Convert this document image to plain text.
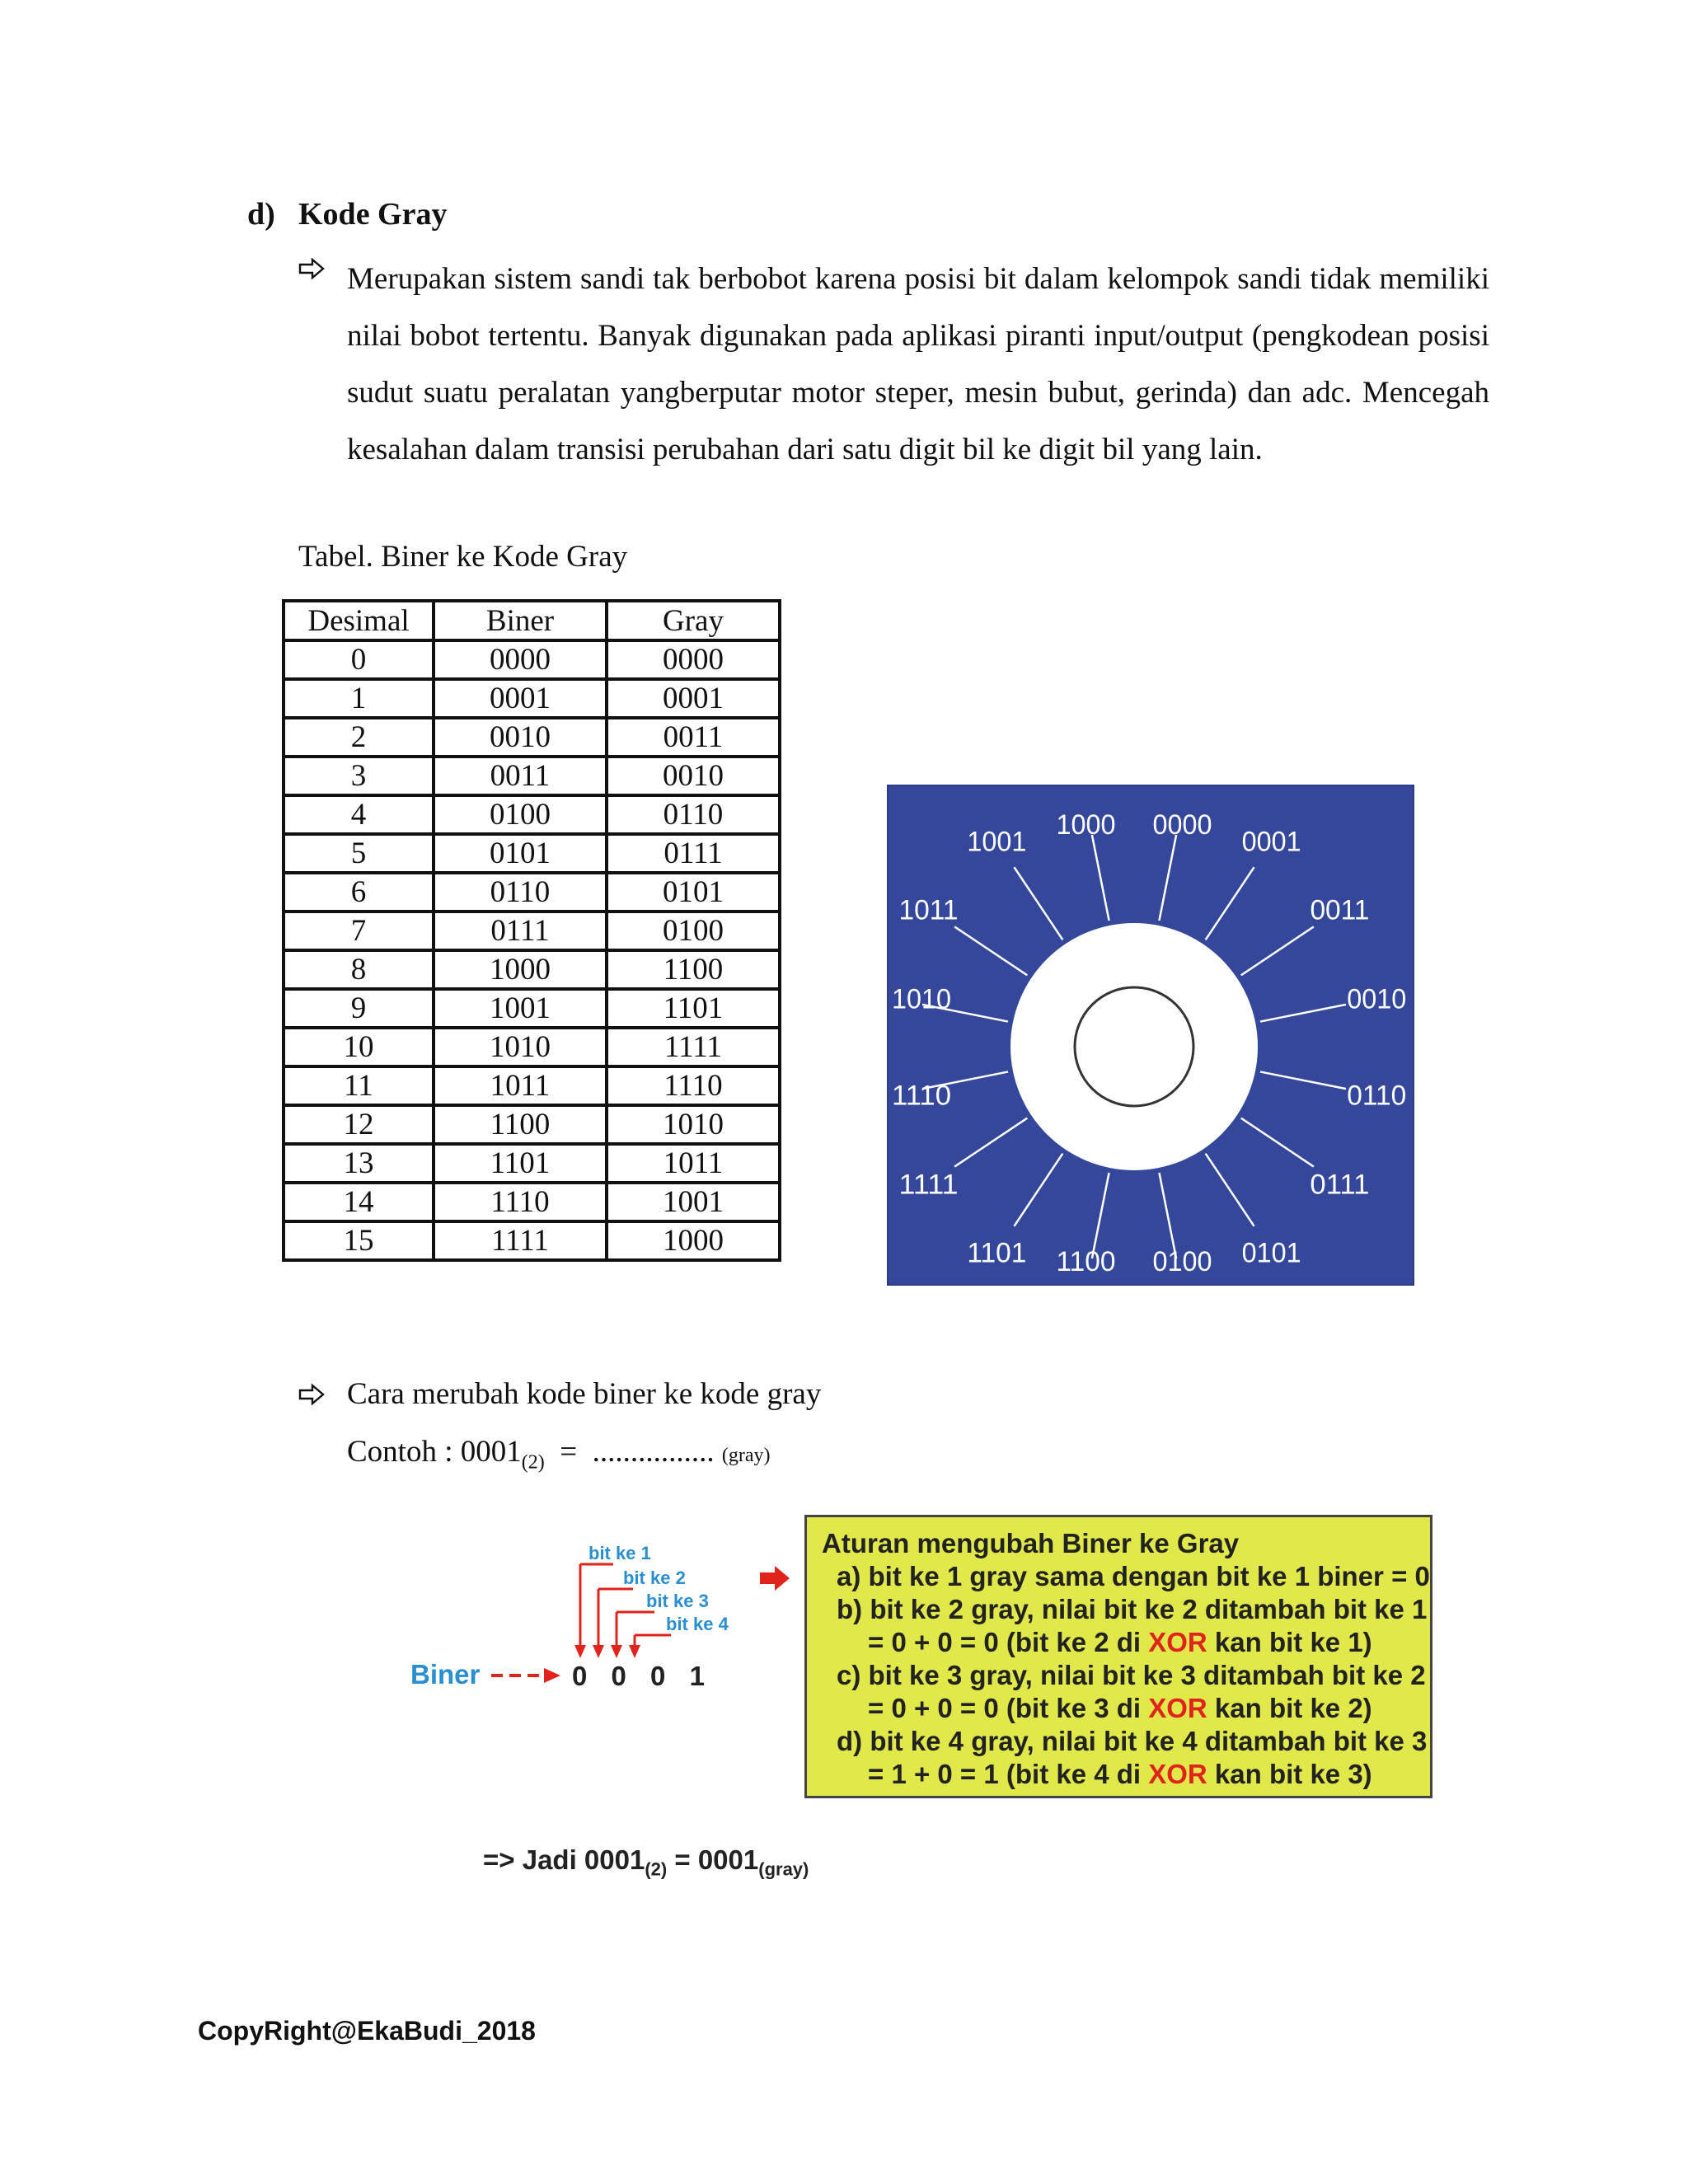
d) Kode Gray
Merupakan sistem sandi tak berbobot karena posisi bit dalam kelompok sandi tidak memiliki nilai bobot tertentu. Banyak digunakan pada aplikasi piranti input/output (pengkodean posisi sudut suatu peralatan yangberputar motor steper, mesin bubut, gerinda) dan adc. Mencegah kesalahan dalam transisi perubahan dari satu digit bil ke digit bil yang lain.
Tabel. Biner ke Kode Gray
Desimal	Biner	Gray
0	0000	0000
1	0001	0001
2	0010	0011
3	0011	0010
4	0100	0110
5	0101	0111
6	0110	0101
7	0111	0100
8	1000	1100
9	1001	1101
10	1010	1111
11	1011	1110
12	1100	1010
13	1101	1011
14	1110	1001
15	1111	1000
0000
0001
0011
0010
0110
0111
0101
0100
1100
1101
1111
1110
1010
1011
1001
1000
Cara merubah kode biner ke kode gray
Contoh : $0001_{(2)}$ = ................ (gray)
bit ke 1
bit ke 2
bit ke 3
bit ke 4
Biner	0 0 0 1
Aturan mengubah Biner ke Gray
a) bit ke 1 gray sama dengan bit ke 1 biner = 0
b) bit ke 2 gray, nilai bit ke 2 ditambah bit ke 1
= 0 + 0 = 0 (bit ke 2 di XOR kan bit ke 1)
c) bit ke 3 gray, nilai bit ke 3 ditambah bit ke 2
= 0 + 0 = 0 (bit ke 3 di XOR kan bit ke 2)
d) bit ke 4 gray, nilai bit ke 4 ditambah bit ke 3
= 1 + 0 = 1 (bit ke 4 di XOR kan bit ke 3)
=> Jadi $0001_{(2)} = 0001_{(gray)}$
CopyRight@EkaBudi_2018
